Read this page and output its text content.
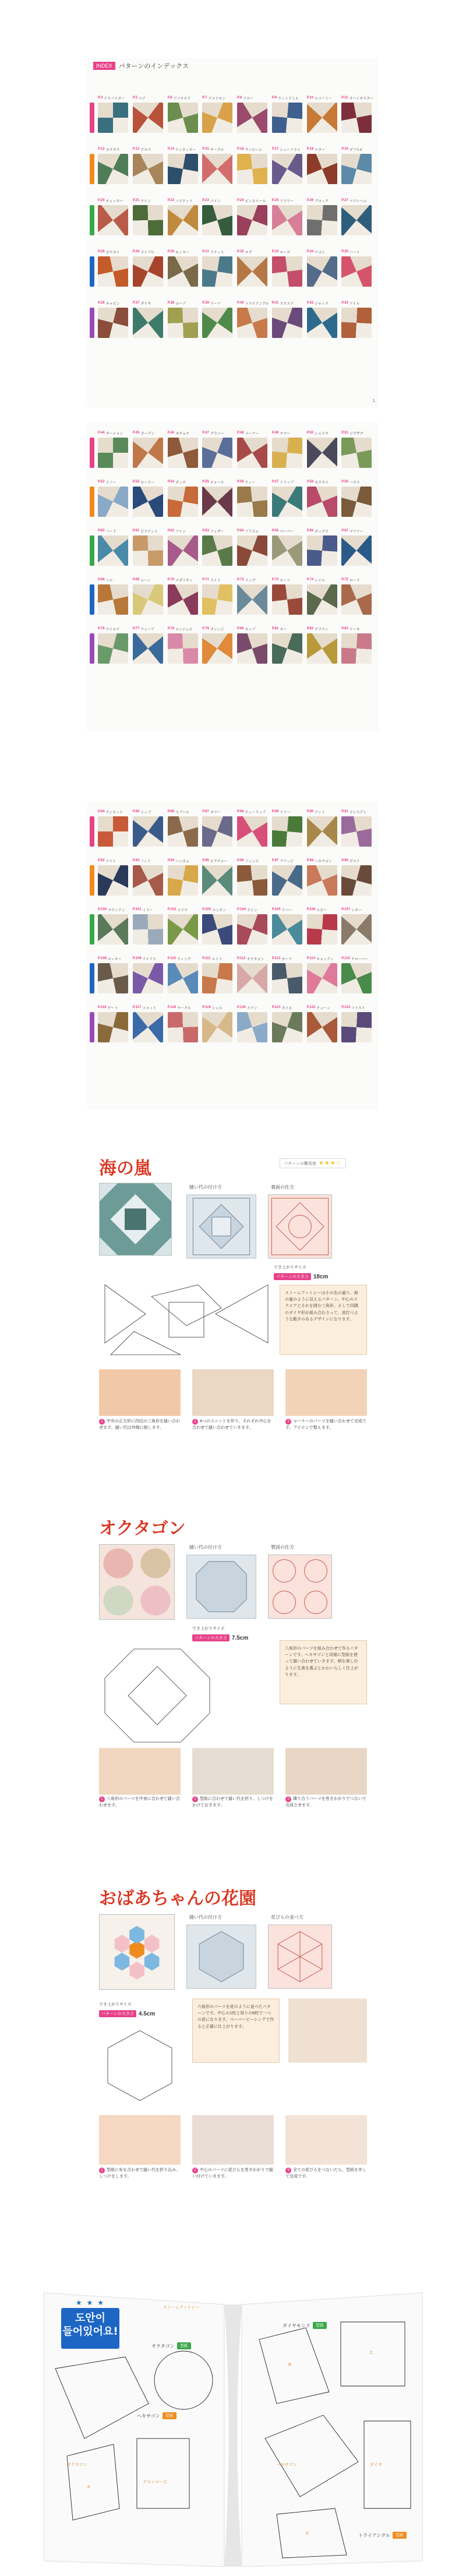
INDEX	パターンのインデックス
P.4 アラバスター P.5 ベア	P.6 アパラチア	P.7 アメリカン	P.8 アロー	P.9 ウィンドミル P.10 エコノミー	P.11 オハイオスター
P.12 カクタス	P.13 クロス	P.14 ケンタッキー P.15 サークル	P.16 サンビーム	P.17 シューフライ P.18 スター	P.19 ダブルX
P.20 チェッカー	P.21 ナイン	P.22 バスケット	P.23 パイン	P.24 ピンホイール P.25 フラワー	P.26 ブロック	P.27 ベツレヘム
P.28 ボウタイ	P.29 メイプル	P.30 モンキー	P.31 ラティス	P.32 ログ	P.33 ローズ	P.34 ワゴン	P.35 ハート
P.36 キャビン	P.37 ダイヤ	P.38 ホープ	P.39 リーフ	P.40 トライアングル P.41 スクエア	P.42 ジャック	P.43 アイル
1
P.44 オーシャン	P.45 ガーデン	P.46 ガチョウ	P.47 グラニー	P.48 コーナー	P.49 サマー	P.50 シャドウ	P.51 ジグザグ
P.52 スノー	P.53 セーラー	P.54 ダッチ	P.55 チャーチ	P.56 ティー	P.57 トリップ	P.58 ネクタイ	P.59 ハウス
P.60 バード	P.61 ビスケット	P.62 ファン	P.63 フェザー	P.64 プリズム	P.65 ペーパー	P.66 ボックス	P.67 マリナー
P.68 ミル	P.69 ムーン	P.70 メダリオン	P.71 ライト	P.72 リング	P.73 ルーフ	P.74 レイル	P.75 ロード
P.76 ワイルド	P.77 ウェーブ	P.78 エンジェル	P.79 オレンジ	P.80 カップ	P.81 キー	P.82 クラウン	P.83 ケーキ
P.84 サンセット	P.85 シップ	P.86 スプール	P.87 タワー	P.88 チューリップ P.89 ツリー	P.90 テント	P.91 ドレスデン
P.92 ナイト	P.93 ノット	P.94 ハニカム	P.95 ピクチャー	P.96 フェンス	P.97 ブリッジ	P.98 ヘキサゴン	P.99 ポスト
P.100 マウンテン P.101 ミラー	P.102 メドウ	P.103 ユニオン	P.104 ライン	P.105 リバー	P.106 ルビー	P.107 レター
P.108 ロッキー	P.109 アイリス	P.110 ウィング	P.111 エイト	P.112 オクタゴン P.113 カード	P.114 キャンディ P.115 クローバー
P.116 ゲート	P.117 コメット	P.118 サークル	P.119 シェル	P.120 スワン	P.121 タイル	P.122 チェーン	P.123 ツイスト
海の嵐	パターンの難易度 ★★★☆
縫い代の付け方	裏面の仕方
でき上がりサイズ
パターンの大きさ 18cm
ストームアットシーはその名の通り、海の嵐のように見えるパターン。中心のスクエアとそれを囲む三角形、そして四隅のダイヤ形が組み合わさって、波打つような動きのあるデザインになります。
1 中央の正方形に四辺の三角形を縫い合わせます。縫い代は外側に倒します。
2 4つのユニットを作り、それぞれ中心を合わせて縫い合わせていきます。
3 コーナーのパーツを縫い合わせて完成です。アイロンで整えます。
オクタゴン
縫い代の付け方	製図の仕方
でき上がりサイズ
パターンの大きさ 7.5cm
八角形のパーツを組み合わせて作るパターンです。ヘキサゴンと同様に型紙を使って縫い合わせていきます。柄を楽しむように生地を選ぶとかわいらしく仕上がります。
1 八角形のパーツを中表に合わせて縫い合わせます。
2 型紙に合わせて縫い代を折り、しつけをかけておきます。
3 隣り合うパーツを巻きかがりでつないで完成させます。
おばあちゃんの花園
縫い代の付け方	花びらの並べ方
でき上がりサイズ
パターンの大きさ 4.5cm
六角形のパーツを花のように並べたパターンです。中心の1枚と周りの6枚で一つの花になります。ペーパーピーシングで作ると正確に仕上がります。
1 型紙に布を合わせて縫い代を折り込み、しつけをします。
2 中心のパーツに花びらを巻きかがりで縫い付けていきます。
3 全ての花びらをつないだら、型紙を外して完成です。
★ ★ ★
도안이
들어있어요!
オクタゴン	型紙
ヘキサゴン	型紙
ダイヤモンド	型紙
トライアングル	型紙
ストームアットシー
オクタゴン
グランマーズ
ヘキサゴン	ダイヤ
A
B
C
D
